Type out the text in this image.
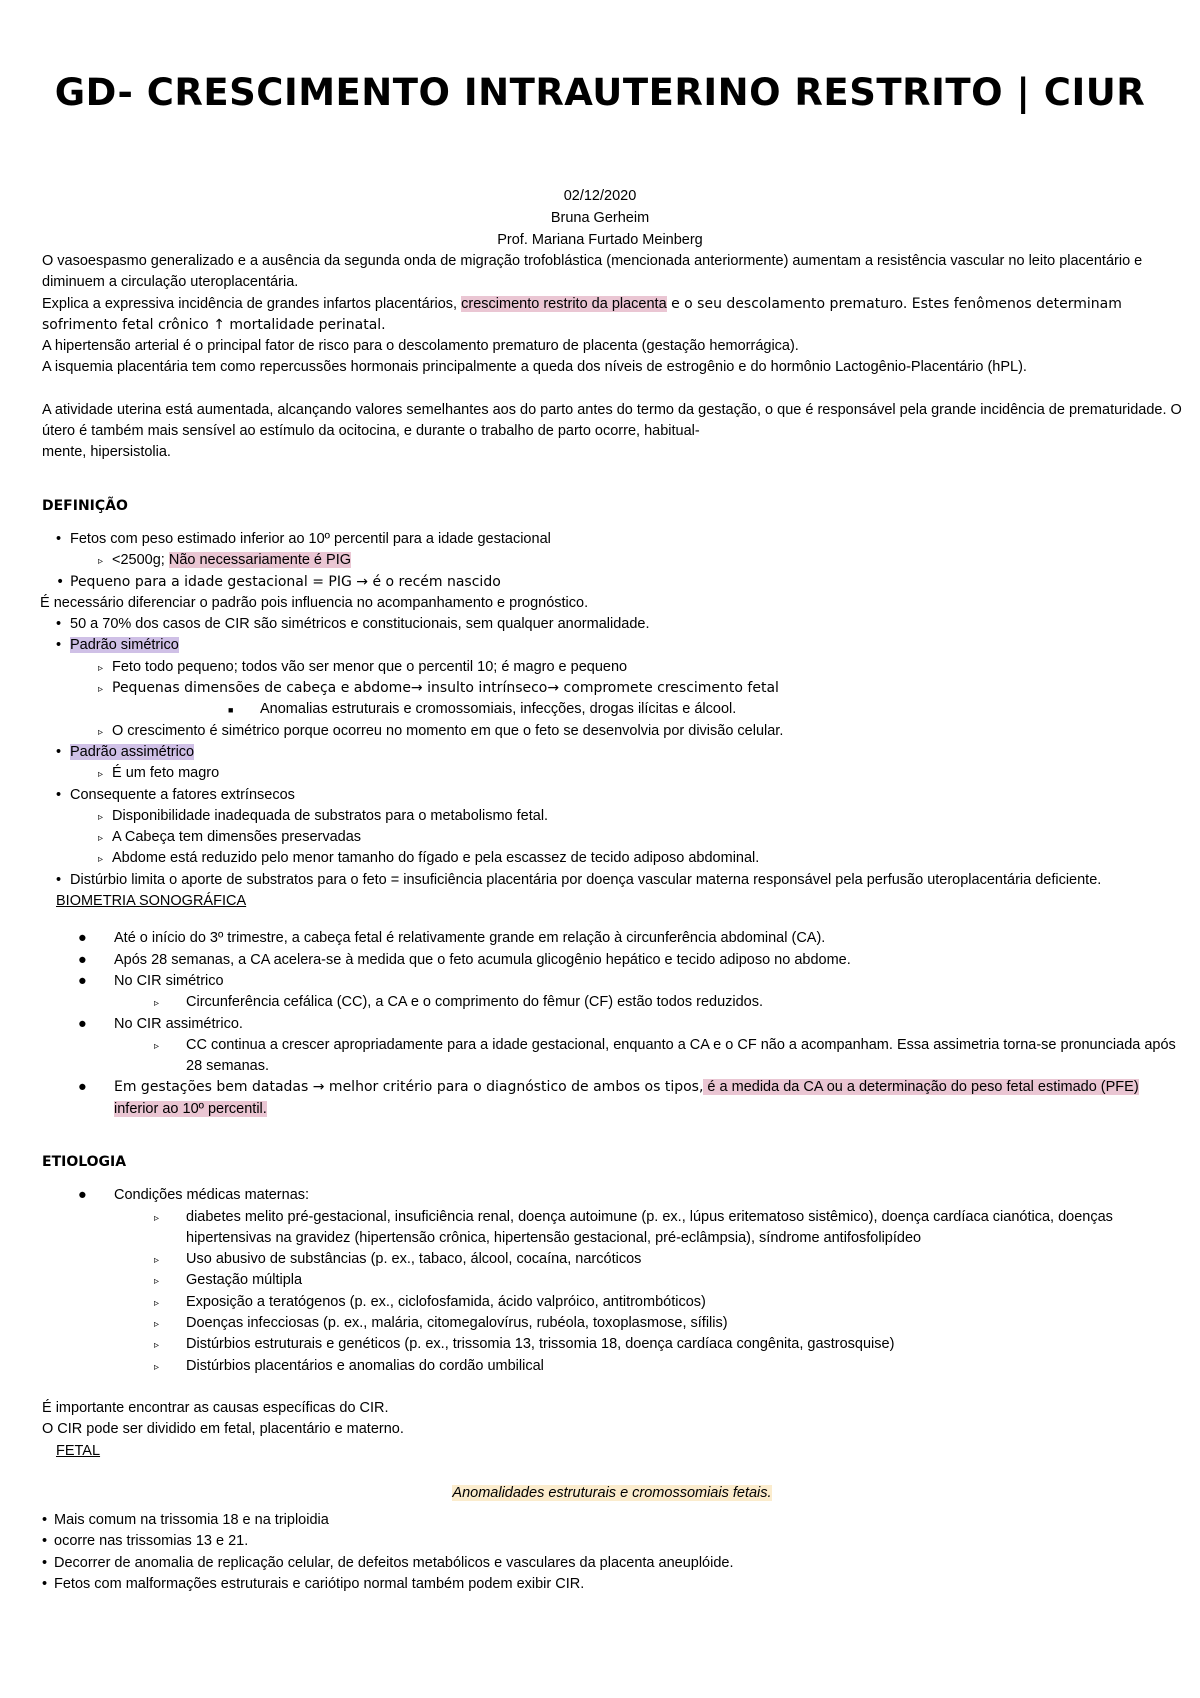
GD- CRESCIMENTO INTRAUTERINO RESTRITO | CIUR
02/12/2020
Bruna Gerheim
Prof. Mariana Furtado Meinberg

O vasoespasmo generalizado e a ausência da segunda onda de migração trofoblástica (mencionada anteriormente) aumentam a resistência vascular no leito placentário e diminuem a circulação uteroplacentária.

Explica a expressiva incidência de grandes infartos placentários, crescimento restrito da placenta e o seu descolamento prematuro. Estes fenômenos determinam sofrimento fetal crônico ↑ mortalidade perinatal.

A hipertensão arterial é o principal fator de risco para o descolamento prematuro de placenta (gestação hemorrágica).

A isquemia placentária tem como repercussões hormonais principalmente a queda dos níveis de estrogênio e do hormônio Lactogênio-Placentário (hPL).

A atividade uterina está aumentada, alcançando valores semelhantes aos do parto antes do termo da gestação, o que é responsável pela grande incidência de prematuridade. O útero é também mais sensível ao estímulo da ocitocina, e durante o trabalho de parto ocorre, habitual-

mente, hipersistolia.

DEFINIÇÃO

• Fetos com peso estimado inferior ao 10º percentil para a idade gestacional
▹ <2500g; Não necessariamente é PIG
• Pequeno para a idade gestacional = PIG → é o recém nascido

É necessário diferenciar o padrão pois influencia no acompanhamento e prognóstico.

• 50 a 70% dos casos de CIR são simétricos e constitucionais, sem qualquer anormalidade.
• Padrão simétrico
▹ Feto todo pequeno; todos vão ser menor que o percentil 10; é magro e pequeno
▹ Pequenas dimensões de cabeça e abdome→ insulto intrínseco→ compromete crescimento fetal
■ Anomalias estruturais e cromossomiais, infecções, drogas ilícitas e álcool.
▹ O crescimento é simétrico porque ocorreu no momento em que o feto se desenvolvia por divisão celular.
• Padrão assimétrico
▹ É um feto magro
• Consequente a fatores extrínsecos
▹ Disponibilidade inadequada de substratos para o metabolismo fetal.
▹ A Cabeça tem dimensões preservadas
▹ Abdome está reduzido pelo menor tamanho do fígado e pela escassez de tecido adiposo abdominal.
• Distúrbio limita o aporte de substratos para o feto = insuficiência placentária por doença vascular materna responsável pela perfusão uteroplacentária deficiente.

BIOMETRIA SONOGRÁFICA

● Até o início do 3º trimestre, a cabeça fetal é relativamente grande em relação à circunferência abdominal (CA).
● Após 28 semanas, a CA acelera-se à medida que o feto acumula glicogênio hepático e tecido adiposo no abdome.
● No CIR simétrico
▹ Circunferência cefálica (CC), a CA e o comprimento do fêmur (CF) estão todos reduzidos.
● No CIR assimétrico.
▹ CC continua a crescer apropriadamente para a idade gestacional, enquanto a CA e o CF não a acompanham. Essa assimetria torna-se pronunciada após 28 semanas.
● Em gestações bem datadas → melhor critério para o diagnóstico de ambos os tipos, é a medida da CA ou a determinação do peso fetal estimado (PFE) inferior ao 10º percentil.

ETIOLOGIA

● Condições médicas maternas:
▹ diabetes melito pré-gestacional, insuficiência renal, doença autoimune (p. ex., lúpus eritematoso sistêmico), doença cardíaca cianótica, doenças hipertensivas na gravidez (hipertensão crônica, hipertensão gestacional, pré-eclâmpsia), síndrome antifosfolipídeo
▹ Uso abusivo de substâncias (p. ex., tabaco, álcool, cocaína, narcóticos
▹ Gestação múltipla
▹ Exposição a teratógenos (p. ex., ciclofosfamida, ácido valpróico, antitrombóticos)
▹ Doenças infecciosas (p. ex., malária, citomegalovírus, rubéola, toxoplasmose, sífilis)
▹ Distúrbios estruturais e genéticos (p. ex., trissomia 13, trissomia 18, doença cardíaca congênita, gastrosquise)
▹ Distúrbios placentários e anomalias do cordão umbilical

É importante encontrar as causas específicas do CIR.

O CIR pode ser dividido em fetal, placentário e materno.

FETAL

Anomalidades estruturais e cromossomiais fetais.

• Mais comum na trissomia 18 e na triploidia
• ocorre nas trissomias 13 e 21.
• Decorrer de anomalia de replicação celular, de defeitos metabólicos e vasculares da placenta aneuplóide.
• Fetos com malformações estruturais e cariótipo normal também podem exibir CIR.
